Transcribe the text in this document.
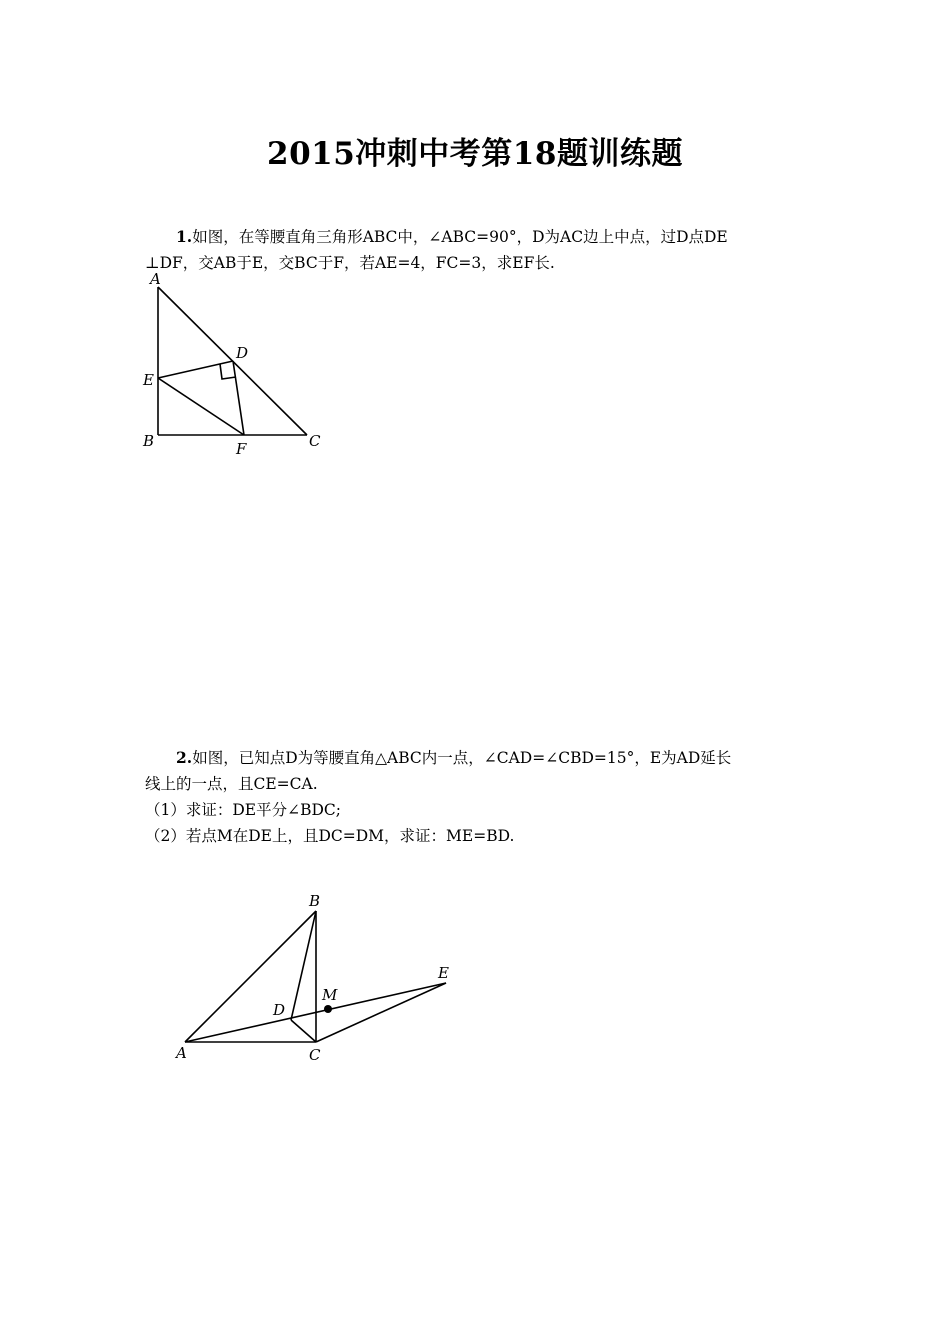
2015冲刺中考第18题训练题
1.如图，在等腰直角三角形ABC中，∠ABC=90°，D为AC边上中点，过D点DE
⊥DF，交AB于E，交BC于F，若AE=4，FC=3，求EF长.
A
B	C
D
E
F
2.如图，已知点D为等腰直角△ABC内一点，∠CAD=∠CBD=15°，E为AD延长
线上的一点，且CE=CA.
（1）求证：DE平分∠BDC;
（2）若点M在DE上，且DC=DM，求证：ME=BD.
A
B
C
D
E
M
